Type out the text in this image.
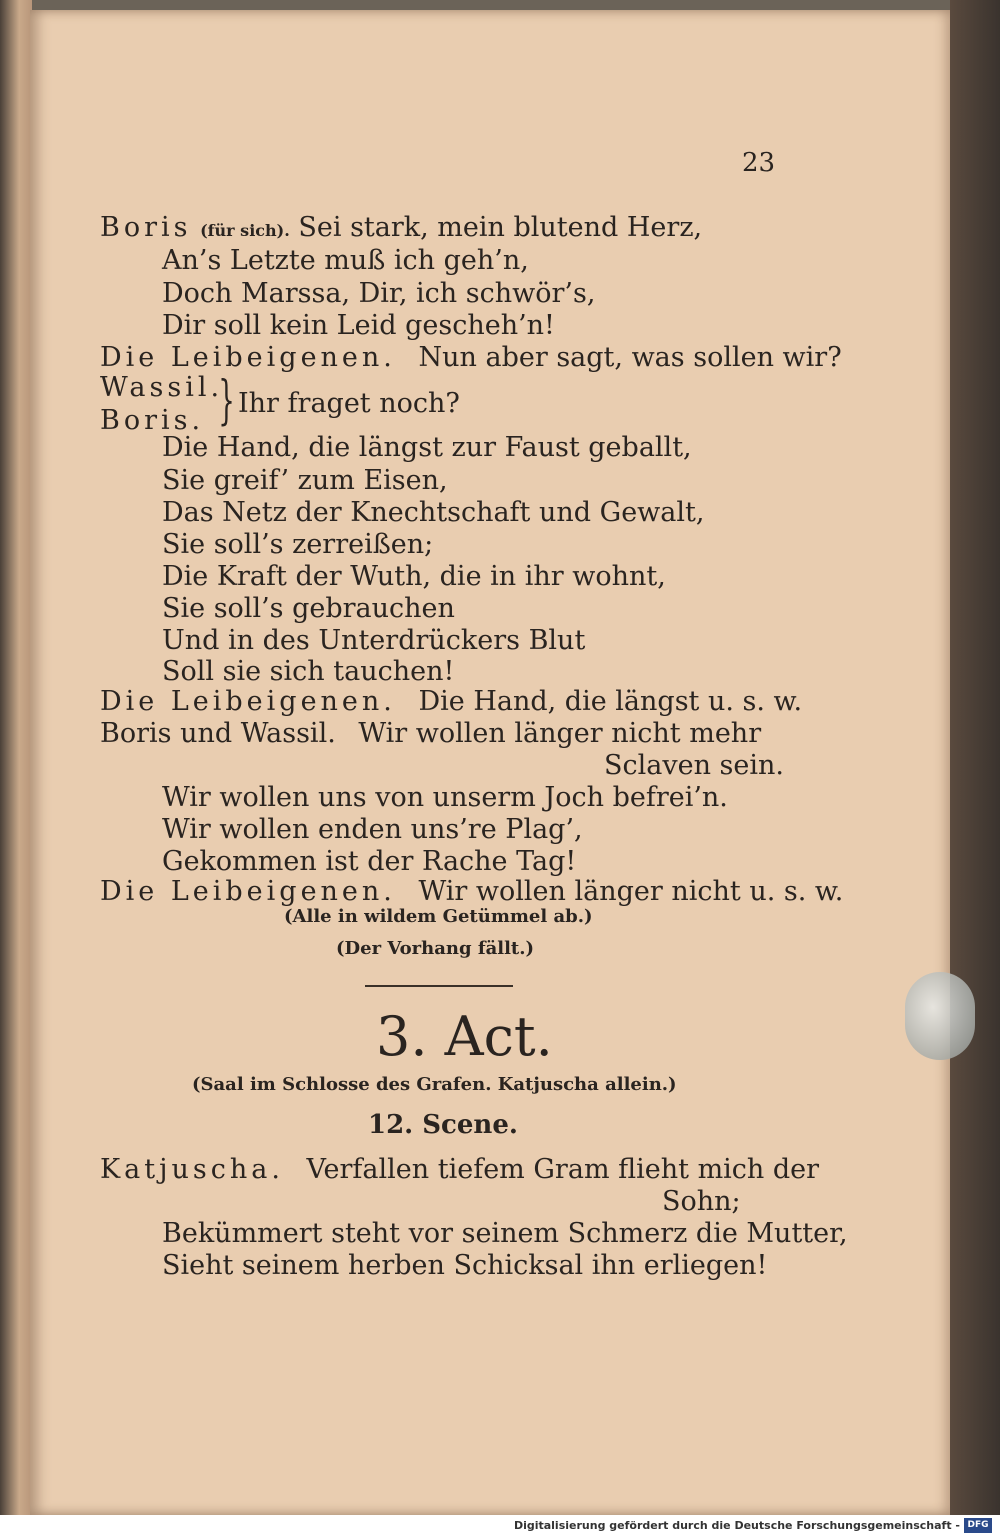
23
Boris (für sich). Sei stark, mein blutend Herz,
An’s Letzte muß ich geh’n,
Doch Marssa, Dir, ich schwör’s,
Dir soll kein Leid gescheh’n!
Die Leibeigenen. Nun aber sagt, was sollen wir?
Wassil.
Boris. } Ihr fraget noch?
Die Hand, die längst zur Faust geballt,
Sie greif’ zum Eisen,
Das Netz der Knechtschaft und Gewalt,
Sie soll’s zerreißen;
Die Kraft der Wuth, die in ihr wohnt,
Sie soll’s gebrauchen
Und in des Unterdrückers Blut
Soll sie sich tauchen!
Die Leibeigenen. Die Hand, die längst u. s. w.
Boris und Wassil. Wir wollen länger nicht mehr
Sclaven sein.
Wir wollen uns von unserm Joch befrei’n.
Wir wollen enden uns’re Plag’,
Gekommen ist der Rache Tag!
Die Leibeigenen. Wir wollen länger nicht u. s. w.
(Alle in wildem Getümmel ab.)
(Der Vorhang fällt.)
3. Act.
(Saal im Schlosse des Grafen. Katjuscha allein.)
12. Scene.
Katjuscha. Verfallen tiefem Gram flieht mich der
Sohn;
Bekümmert steht vor seinem Schmerz die Mutter,
Sieht seinem herben Schicksal ihn erliegen!
Digitalisierung gefördert durch die Deutsche Forschungsgemeinschaft - DFG
